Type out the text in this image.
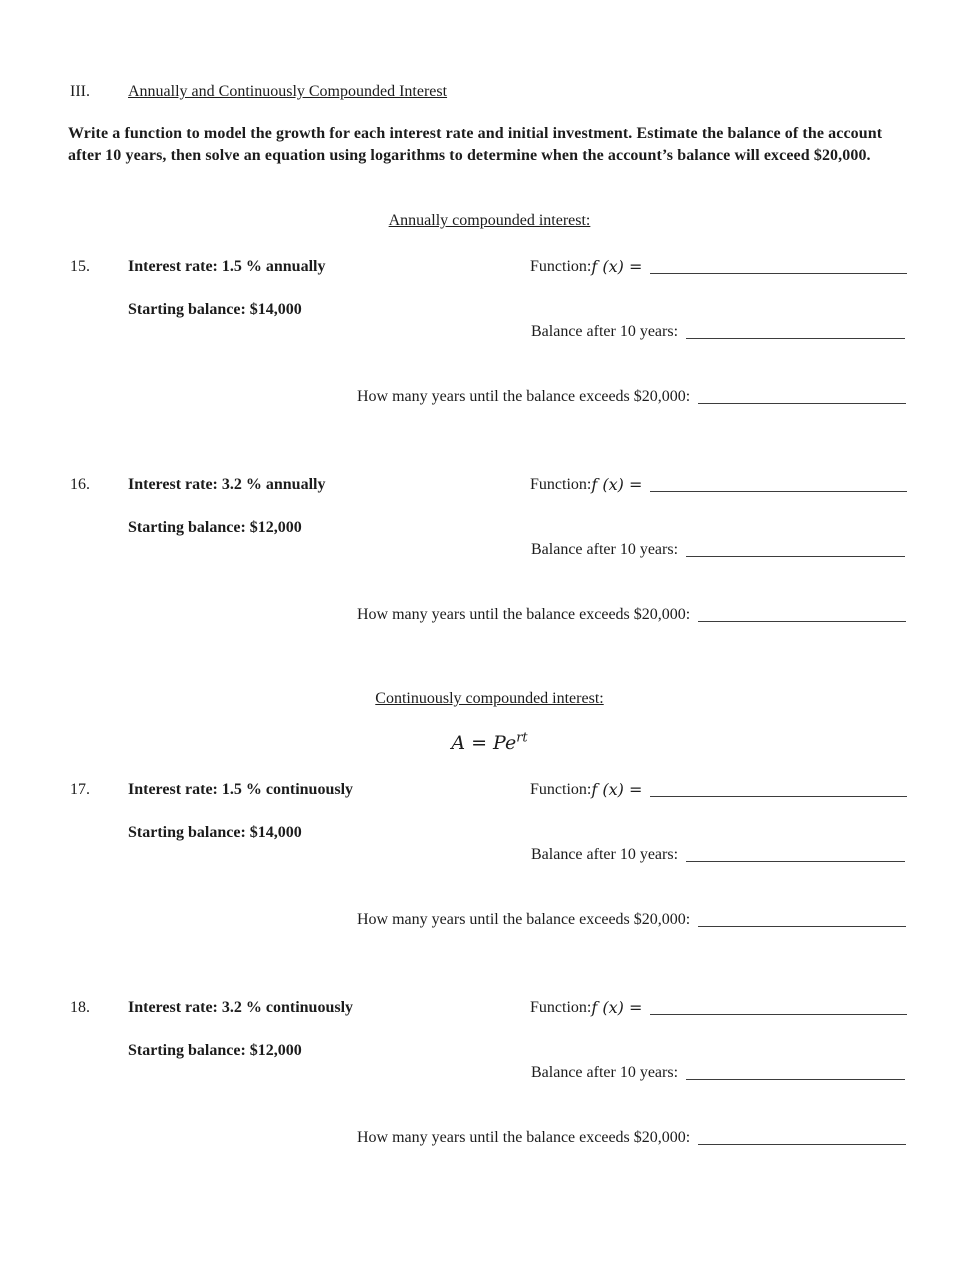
III. Annually and Continuously Compounded Interest
Write a function to model the growth for each interest rate and initial investment. Estimate the balance of the account after 10 years, then solve an equation using logarithms to determine when the account’s balance will exceed $20,000.
Annually compounded interest:
15. Interest rate: 1.5 % annually	Function: f (x) =
Starting balance: $14,000
Balance after 10 years:
How many years until the balance exceeds $20,000:
16. Interest rate: 3.2 % annually	Function: f (x) =
Starting balance: $12,000
Balance after 10 years:
How many years until the balance exceeds $20,000:
Continuously compounded interest:
$A = Pe^{rt}$
17. Interest rate: 1.5 % continuously	Function: f (x) =
Starting balance: $14,000
Balance after 10 years:
How many years until the balance exceeds $20,000:
18. Interest rate: 3.2 % continuously	Function: f (x) =
Starting balance: $12,000
Balance after 10 years:
How many years until the balance exceeds $20,000:
